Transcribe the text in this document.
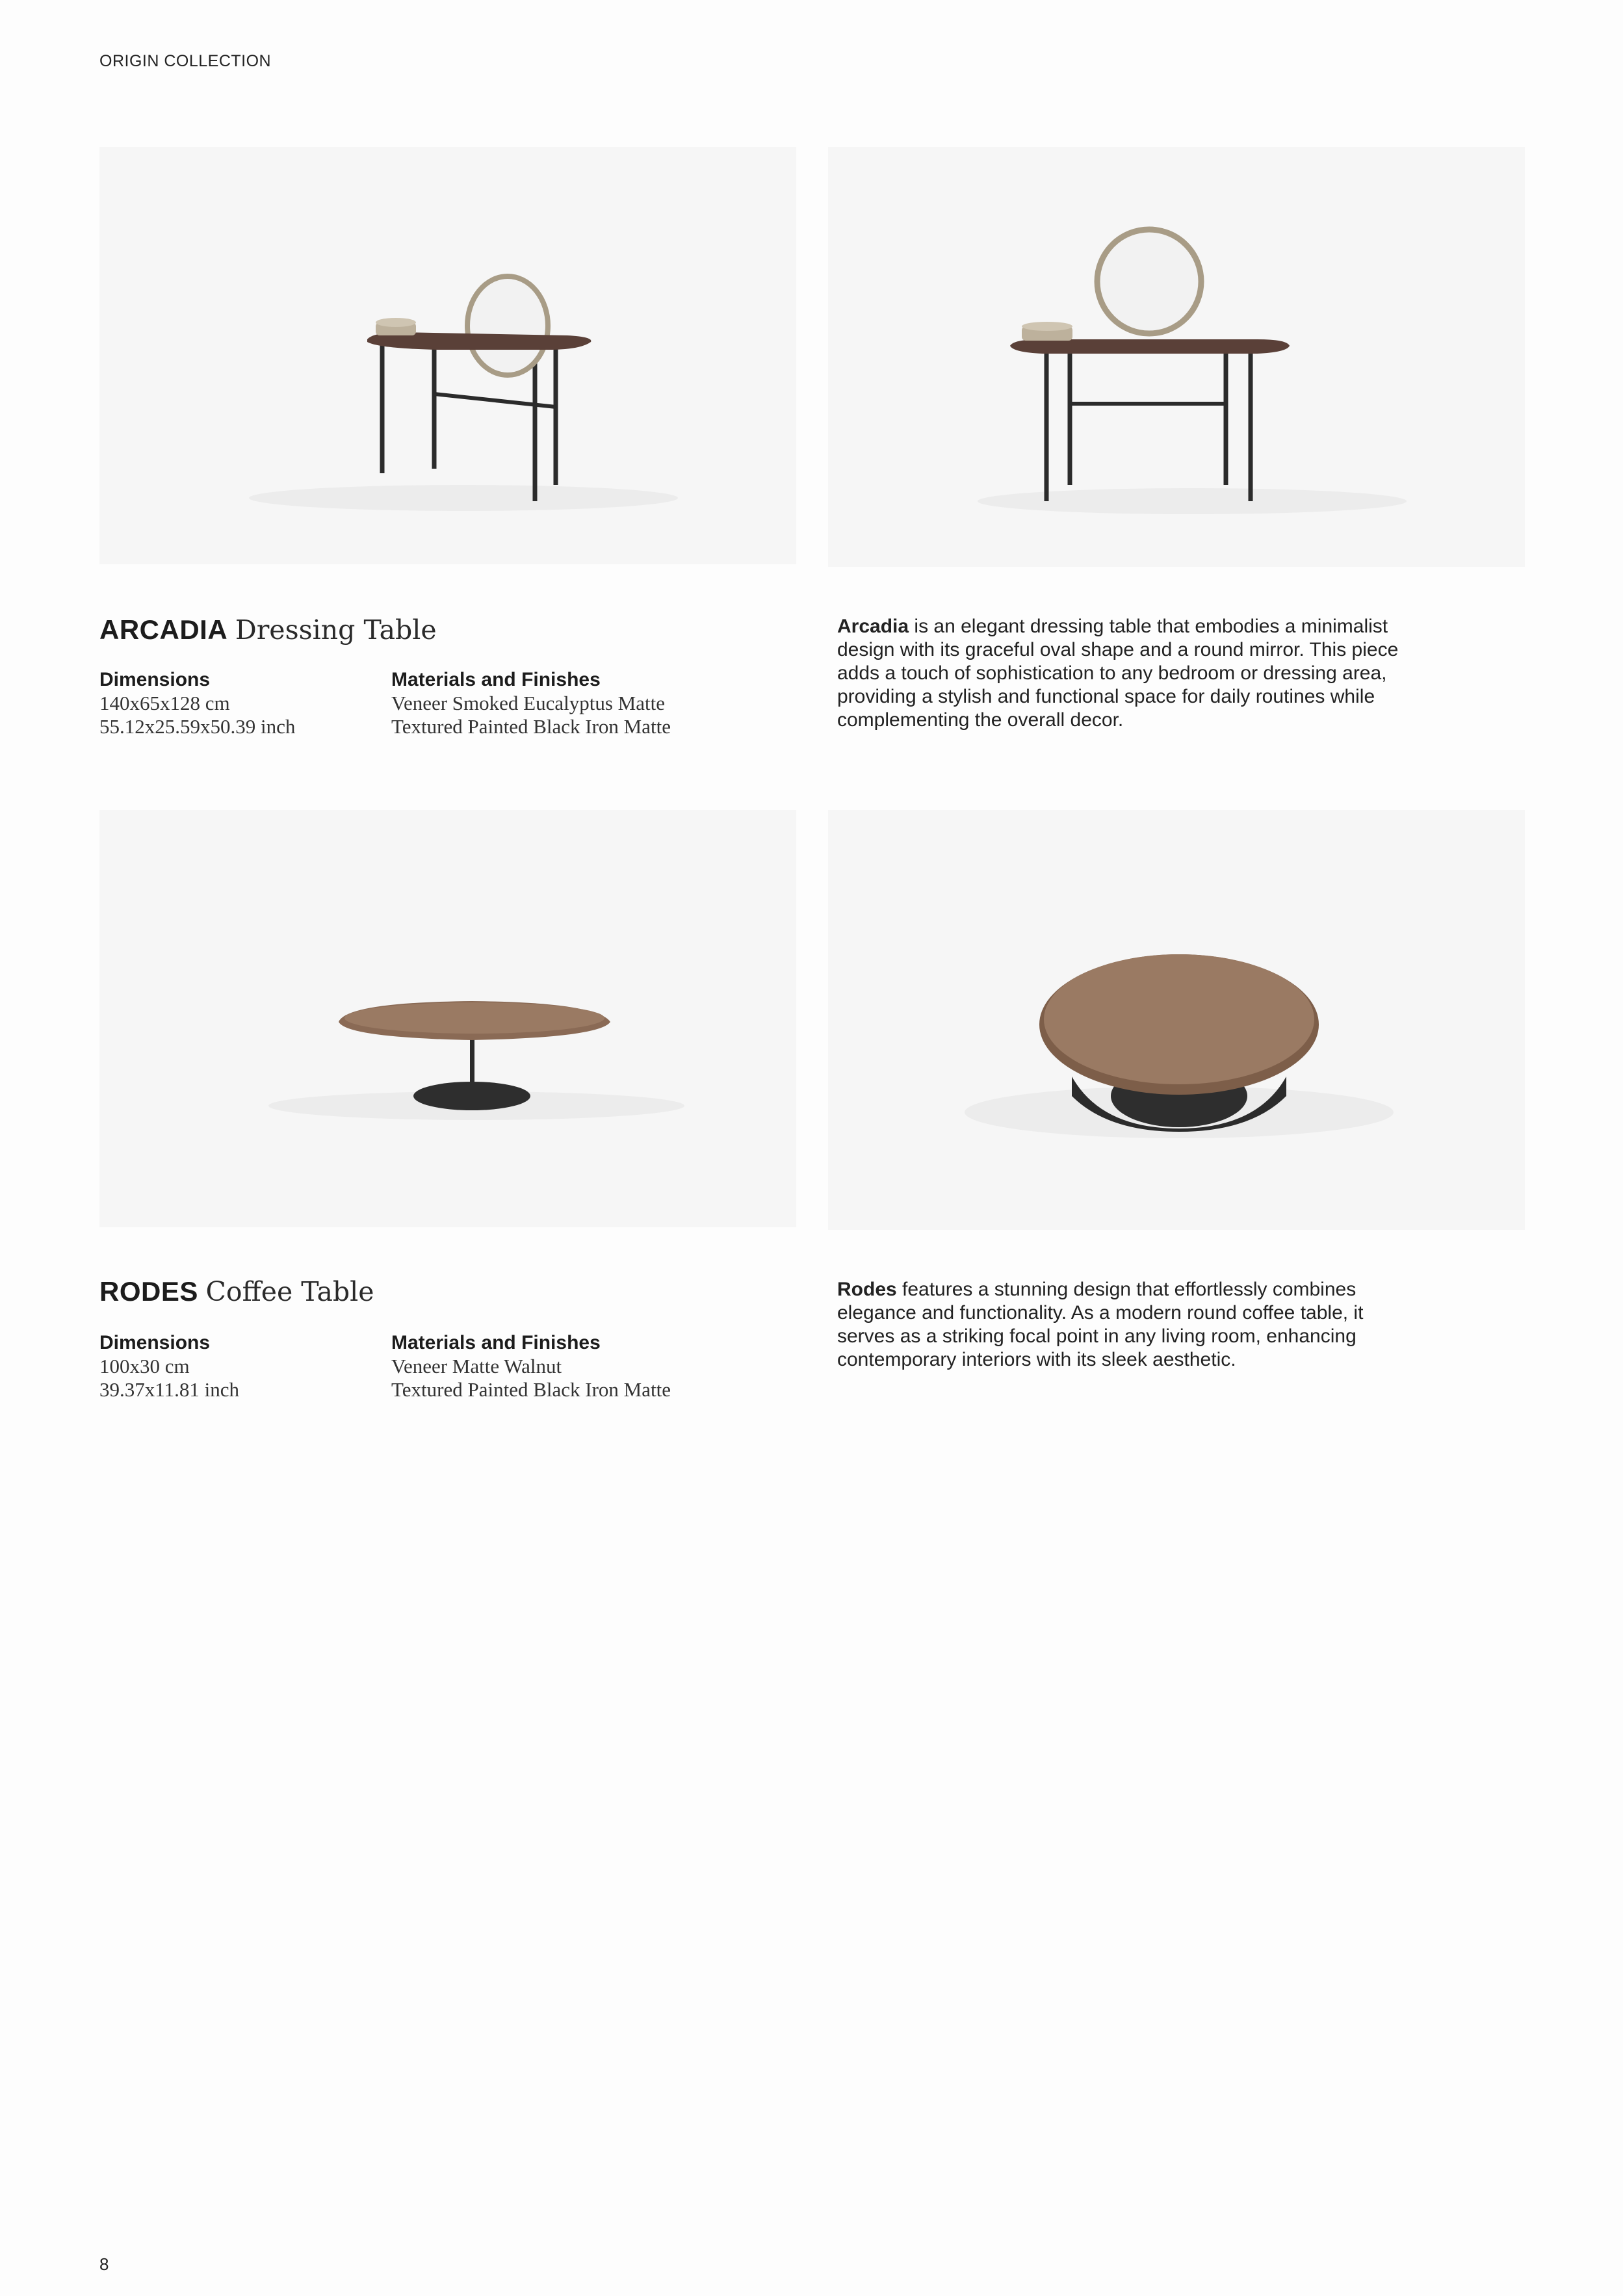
ORIGIN COLLECTION
ARCADIA Dressing Table
Dimensions
140x65x128 cm
55.12x25.59x50.39 inch
Materials and Finishes
Veneer Smoked Eucalyptus Matte
Textured Painted Black Iron Matte
Arcadia is an elegant dressing table that embodies a minimalist
design with its graceful oval shape and a round mirror. This piece
adds a touch of sophistication to any bedroom or dressing area,
providing a stylish and functional space for daily routines while
complementing the overall decor.
RODES Coffee Table
Dimensions
100x30 cm
39.37x11.81 inch
Materials and Finishes
Veneer Matte Walnut
Textured Painted Black Iron Matte
Rodes features a stunning design that effortlessly combines
elegance and functionality. As a modern round coffee table, it
serves as a striking focal point in any living room, enhancing
contemporary interiors with its sleek aesthetic.
8
